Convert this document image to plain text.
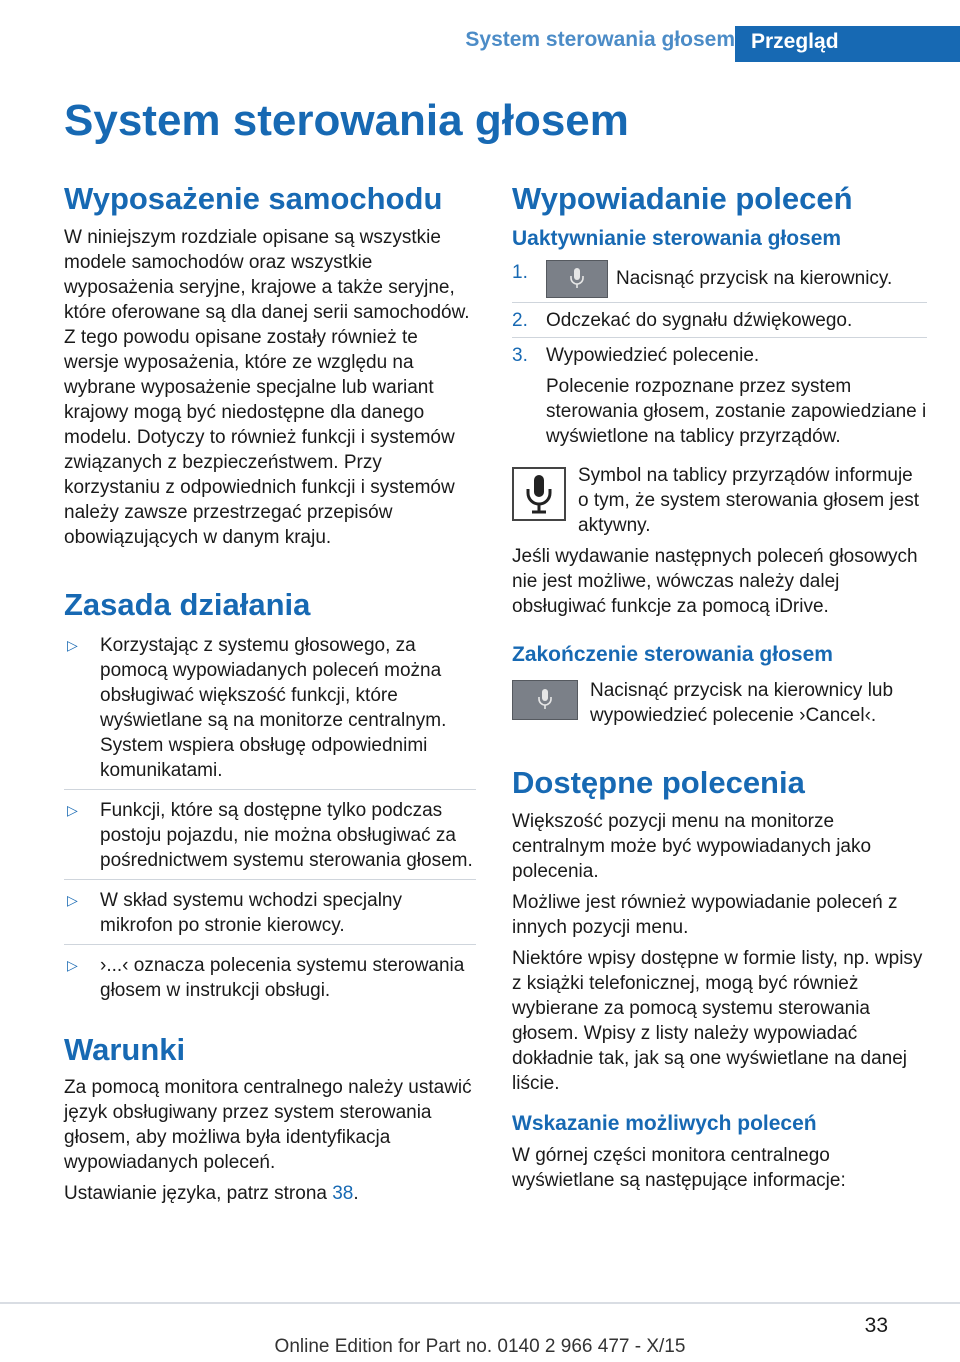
System sterowania głosem Przegląd
System sterowania głosem
Wyposażenie samochodu

W niniejszym rozdziale opisane są wszystkie modele samochodów oraz wszystkie wyposażenia seryjne, krajowe a także seryjne, które oferowane są dla danej serii samochodów. Z tego powodu opisane zostały również te wersje wyposażenia, które ze względu na wybrane wyposażenie specjalne lub wariant krajowy mogą być niedostępne dla danego modelu. Dotyczy to również funkcji i systemów związanych z bezpieczeństwem. Przy korzystaniu z odpowiednich funkcji i systemów należy zawsze przestrzegać przepisów obowiązujących w danym kraju.

Zasada działania
▷ Korzystając z systemu głosowego, za pomocą wypowiadanych poleceń można obsługiwać większość funkcji, które wyświetlane są na monitorze centralnym. System wspiera obsługę odpowiednimi komunikatami.
▷ Funkcji, które są dostępne tylko podczas postoju pojazdu, nie można obsługiwać za pośrednictwem systemu sterowania głosem.
▷ W skład systemu wchodzi specjalny mikrofon po stronie kierowcy.
▷ ›...‹ oznacza polecenia systemu sterowania głosem w instrukcji obsługi.
Warunki

Za pomocą monitora centralnego należy ustawić język obsługiwany przez system sterowania głosem, aby możliwa była identyfikacja wypowiadanych poleceń.

Ustawianie języka, patrz strona 38.

Wypowiadanie poleceń
Uaktywnianie sterowania głosem
1.	Nacisnąć przycisk na kierownicy.
2. Odczekać do sygnału dźwiękowego.
3. Wypowiedzieć polecenie.
Polecenie rozpoznane przez system sterowania głosem, zostanie zapowiedziane i wyświetlone na tablicy przyrządów.
Symbol na tablicy przyrządów informuje o tym, że system sterowania głosem jest aktywny.

Jeśli wydawanie następnych poleceń głosowych nie jest możliwe, wówczas należy dalej obsługiwać funkcje za pomocą iDrive.

Zakończenie sterowania głosem
Nacisnąć przycisk na kierownicy lub wypowiedzieć polecenie ›Cancel‹.
Dostępne polecenia

Większość pozycji menu na monitorze centralnym może być wypowiadanych jako polecenia.

Możliwe jest również wypowiadanie poleceń z innych pozycji menu.

Niektóre wpisy dostępne w formie listy, np. wpisy z książki telefonicznej, mogą być również wybierane za pomocą systemu sterowania głosem. Wpisy z listy należy wypowiadać dokładnie tak, jak są one wyświetlane na danej liście.

Wskazanie możliwych poleceń

W górnej części monitora centralnego wyświetlane są następujące informacje:

33
Online Edition for Part no. 0140 2 966 477 - X/15
